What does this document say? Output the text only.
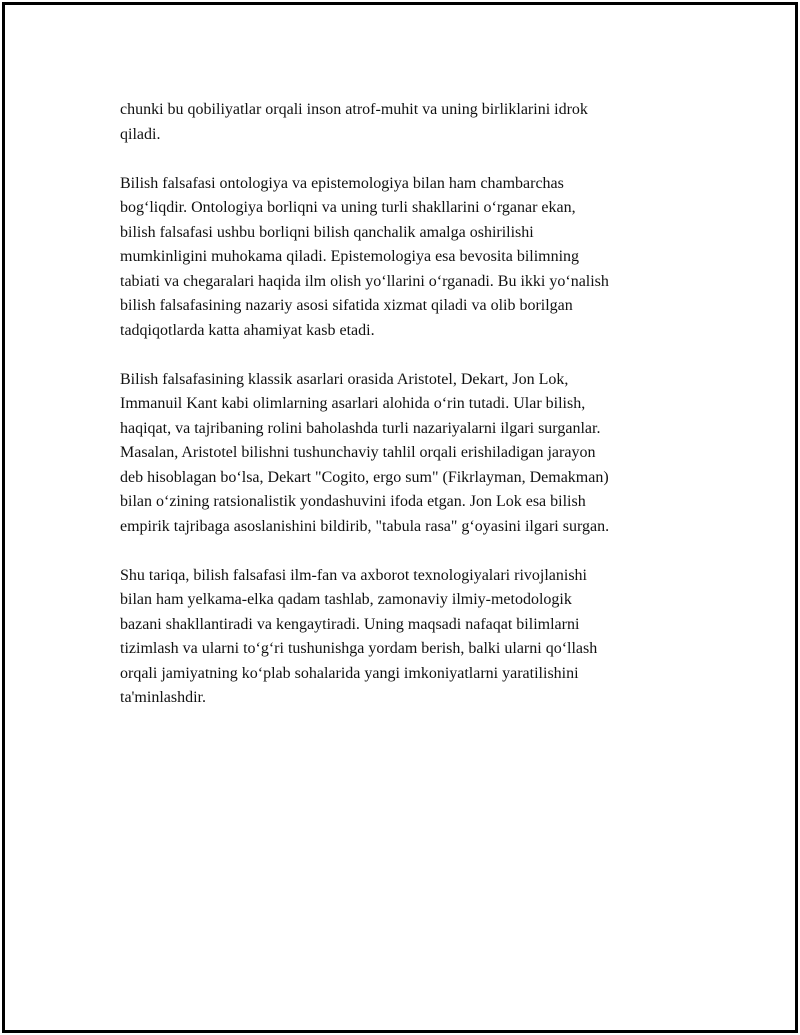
chunki bu qobiliyatlar orqali inson atrof-muhit va uning birliklarini idrok
qiladi.

Bilish falsafasi ontologiya va epistemologiya bilan ham chambarchas
bog‘liqdir. Ontologiya borliqni va uning turli shakllarini o‘rganar ekan,
bilish falsafasi ushbu borliqni bilish qanchalik amalga oshirilishi
mumkinligini muhokama qiladi. Epistemologiya esa bevosita bilimning
tabiati va chegaralari haqida ilm olish yo‘llarini o‘rganadi. Bu ikki yo‘nalish
bilish falsafasining nazariy asosi sifatida xizmat qiladi va olib borilgan
tadqiqotlarda katta ahamiyat kasb etadi.

Bilish falsafasining klassik asarlari orasida Aristotel, Dekart, Jon Lok,
Immanuil Kant kabi olimlarning asarlari alohida o‘rin tutadi. Ular bilish,
haqiqat, va tajribaning rolini baholashda turli nazariyalarni ilgari surganlar.
Masalan, Aristotel bilishni tushunchaviy tahlil orqali erishiladigan jarayon
deb hisoblagan bo‘lsa, Dekart "Cogito, ergo sum" (Fikrlayman, Demakman)
bilan o‘zining ratsionalistik yondashuvini ifoda etgan. Jon Lok esa bilish
empirik tajribaga asoslanishini bildirib, "tabula rasa" g‘oyasini ilgari surgan.

Shu tariqa, bilish falsafasi ilm-fan va axborot texnologiyalari rivojlanishi
bilan ham yelkama-elka qadam tashlab, zamonaviy ilmiy-metodologik
bazani shakllantiradi va kengaytiradi. Uning maqsadi nafaqat bilimlarni
tizimlash va ularni to‘g‘ri tushunishga yordam berish, balki ularni qo‘llash
orqali jamiyatning ko‘plab sohalarida yangi imkoniyatlarni yaratilishini
ta'minlashdir.
